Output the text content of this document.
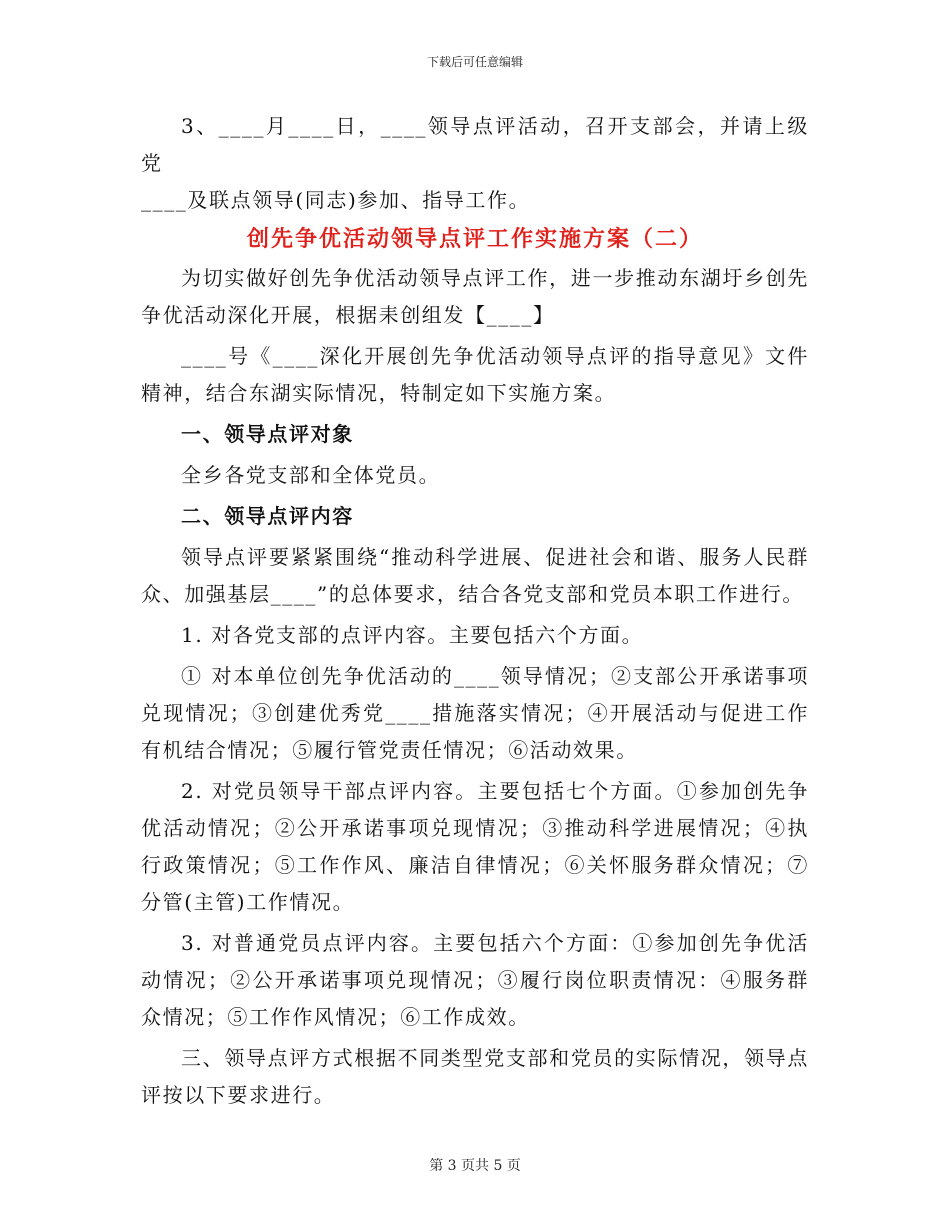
下载后可任意编辑

3、____月____日，____领导点评活动，召开支部会，并请上级党

____及联点领导(同志)参加、指导工作。

创先争优活动领导点评工作实施方案（二）

为切实做好创先争优活动领导点评工作，进一步推动东湖圩乡创先争优活动深化开展，根据耒创组发【____】

____号《____深化开展创先争优活动领导点评的指导意见》文件精神，结合东湖实际情况，特制定如下实施方案。

一、领导点评对象

全乡各党支部和全体党员。

二、领导点评内容

领导点评要紧紧围绕“推动科学进展、促进社会和谐、服务人民群众、加强基层____”的总体要求，结合各党支部和党员本职工作进行。

1. 对各党支部的点评内容。主要包括六个方面。

① 对本单位创先争优活动的____领导情况；②支部公开承诺事项兑现情况；③创建优秀党____措施落实情况；④开展活动与促进工作有机结合情况；⑤履行管党责任情况；⑥活动效果。

2. 对党员领导干部点评内容。主要包括七个方面。①参加创先争优活动情况；②公开承诺事项兑现情况；③推动科学进展情况；④执行政策情况；⑤工作作风、廉洁自律情况；⑥关怀服务群众情况；⑦分管(主管)工作情况。

3. 对普通党员点评内容。主要包括六个方面：①参加创先争优活动情况；②公开承诺事项兑现情况；③履行岗位职责情况：④服务群众情况；⑤工作作风情况；⑥工作成效。

三、领导点评方式根据不同类型党支部和党员的实际情况，领导点评按以下要求进行。

第 3 页共 5 页
